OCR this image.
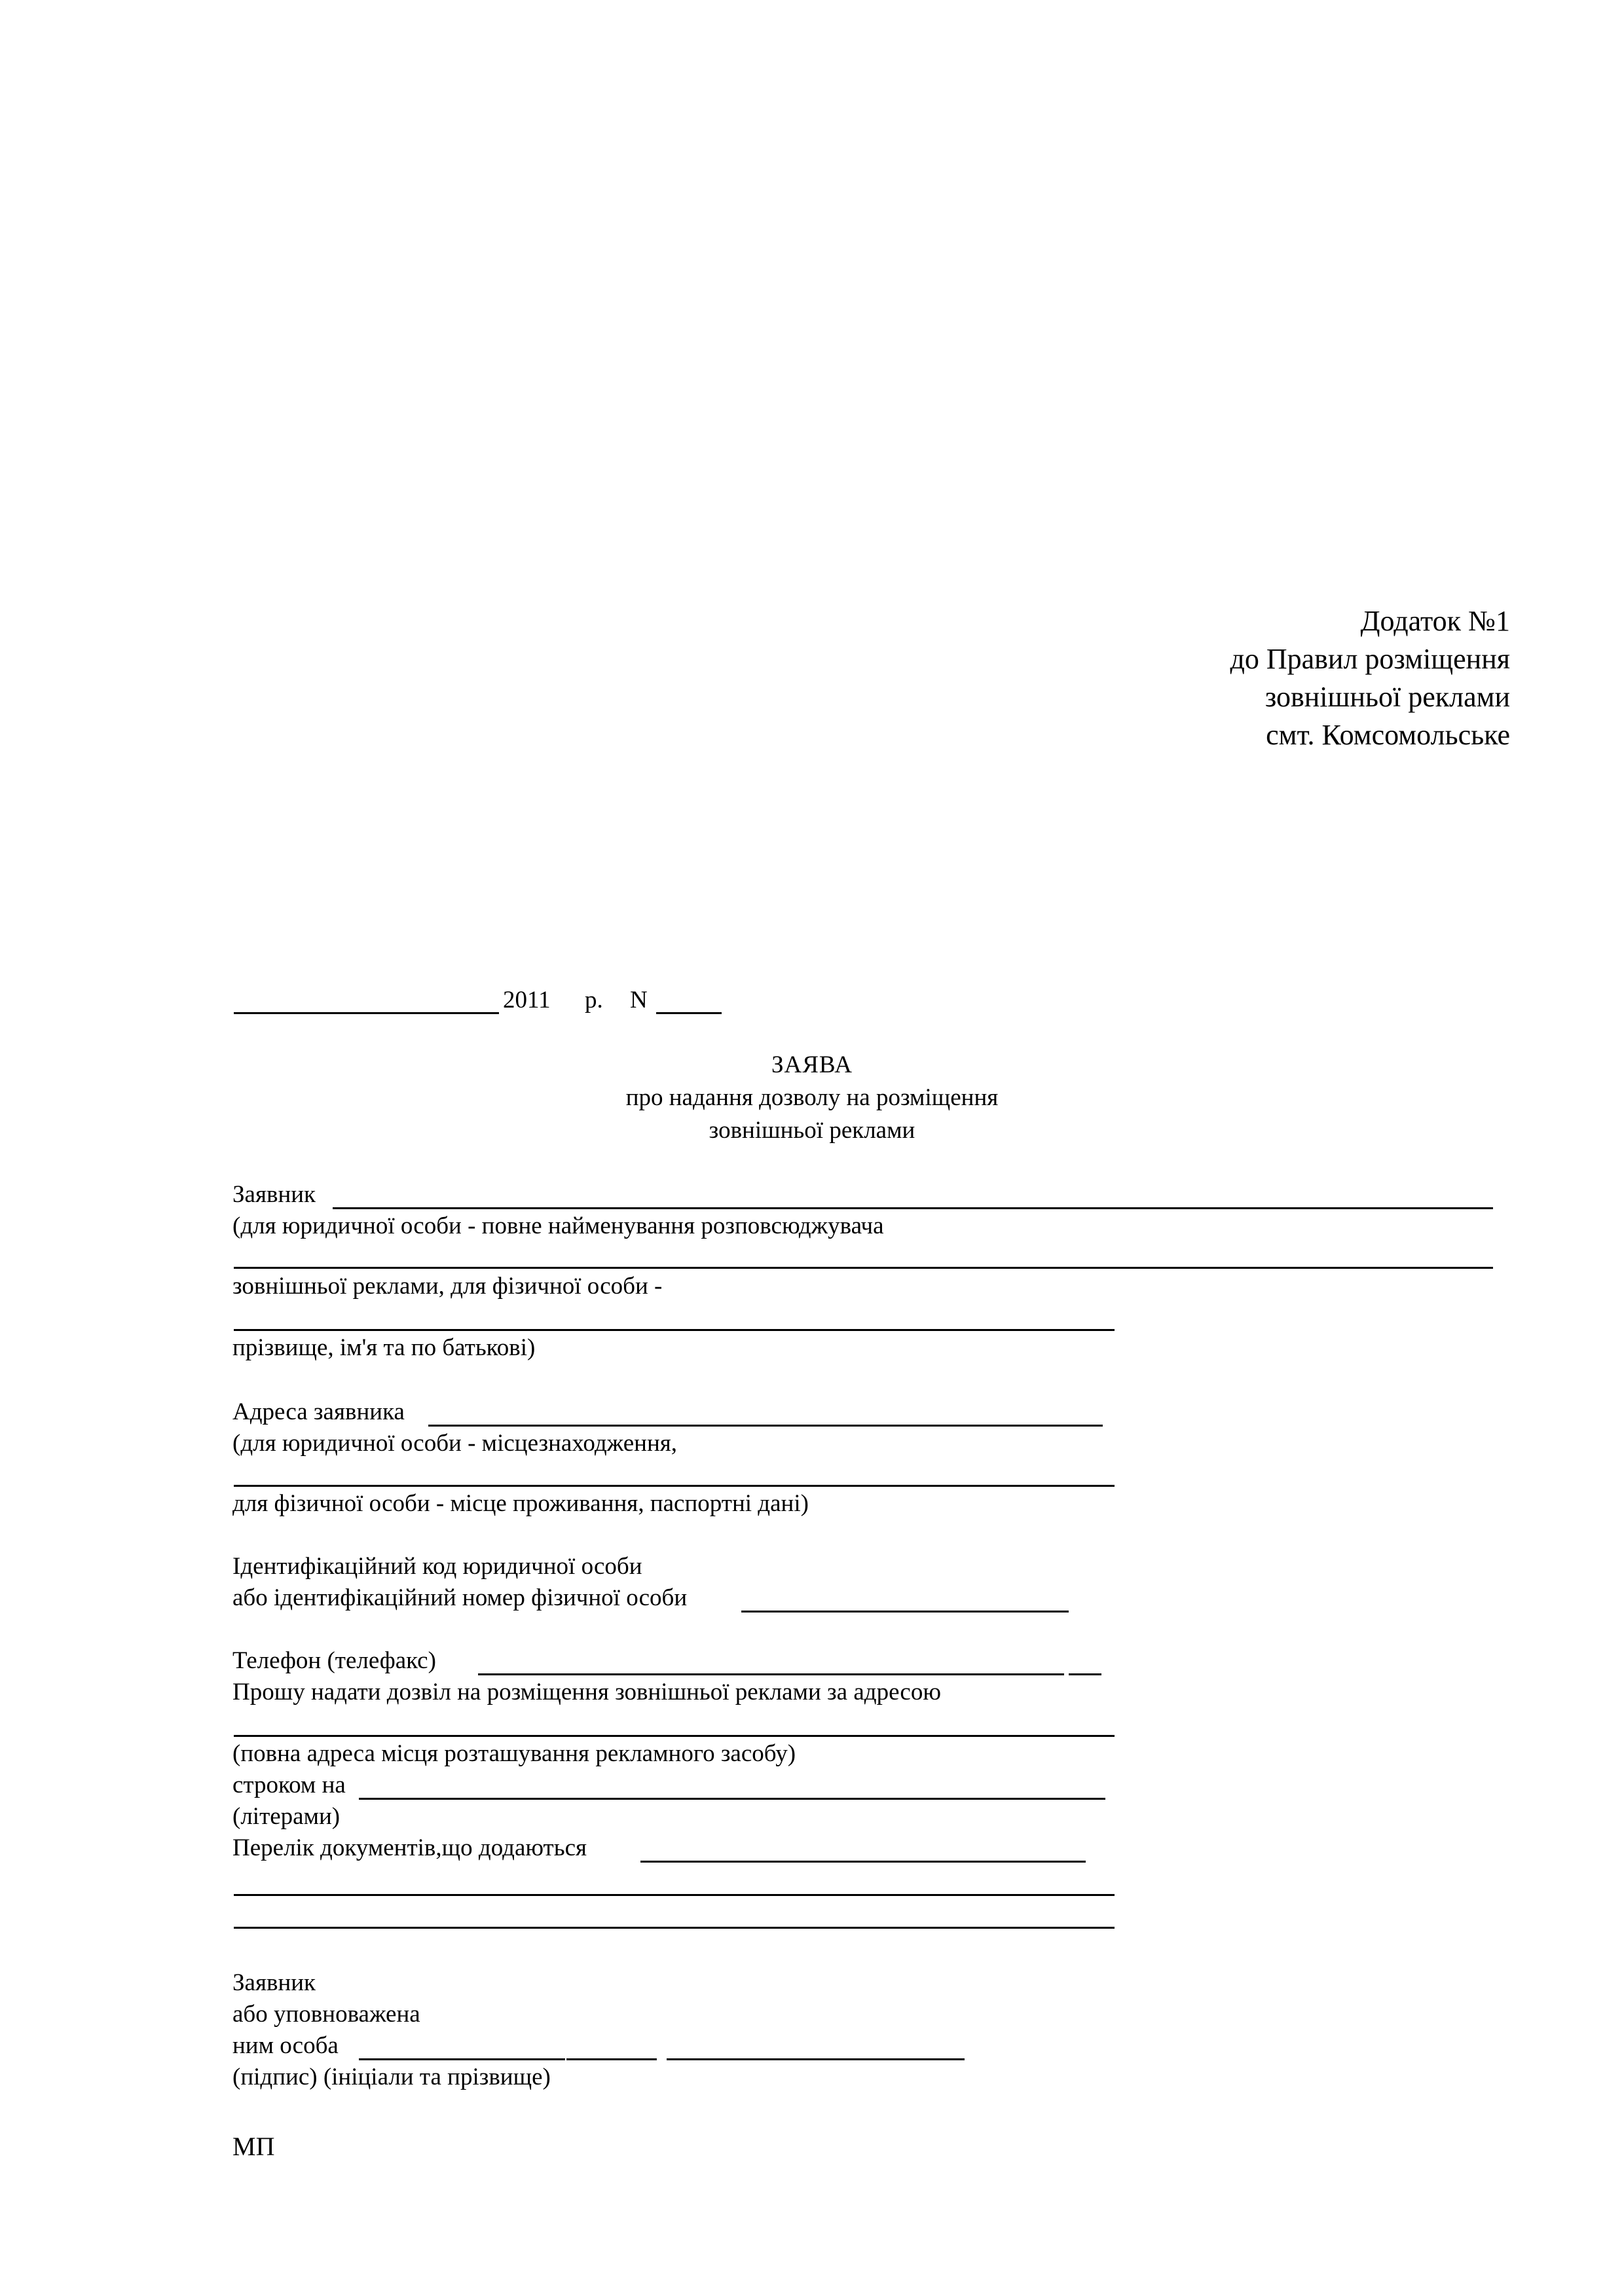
Додаток №1
до Правил розміщення
зовнішньої реклами
смт. Комсомольське
2011 р. N
ЗАЯВА
про надання дозволу на розміщення
зовнішньої реклами
Заявник
(для юридичної особи - повне найменування розповсюджувача
зовнішньої реклами, для фізичної особи -
прізвище, ім'я та по батькові)
Адреса заявника
(для юридичної особи - місцезнаходження,
для фізичної особи - місце проживання, паспортні дані)
Ідентифікаційний код юридичної особи
або ідентифікаційний номер фізичної особи
Телефон (телефакс)
Прошу надати дозвіл на розміщення зовнішньої реклами за адресою
(повна адреса місця розташування рекламного засобу)
строком на
(літерами)
Перелік документів,що додаються
Заявник
або уповноважена
ним особа
(підпис) (ініціали та прізвище)
МП
